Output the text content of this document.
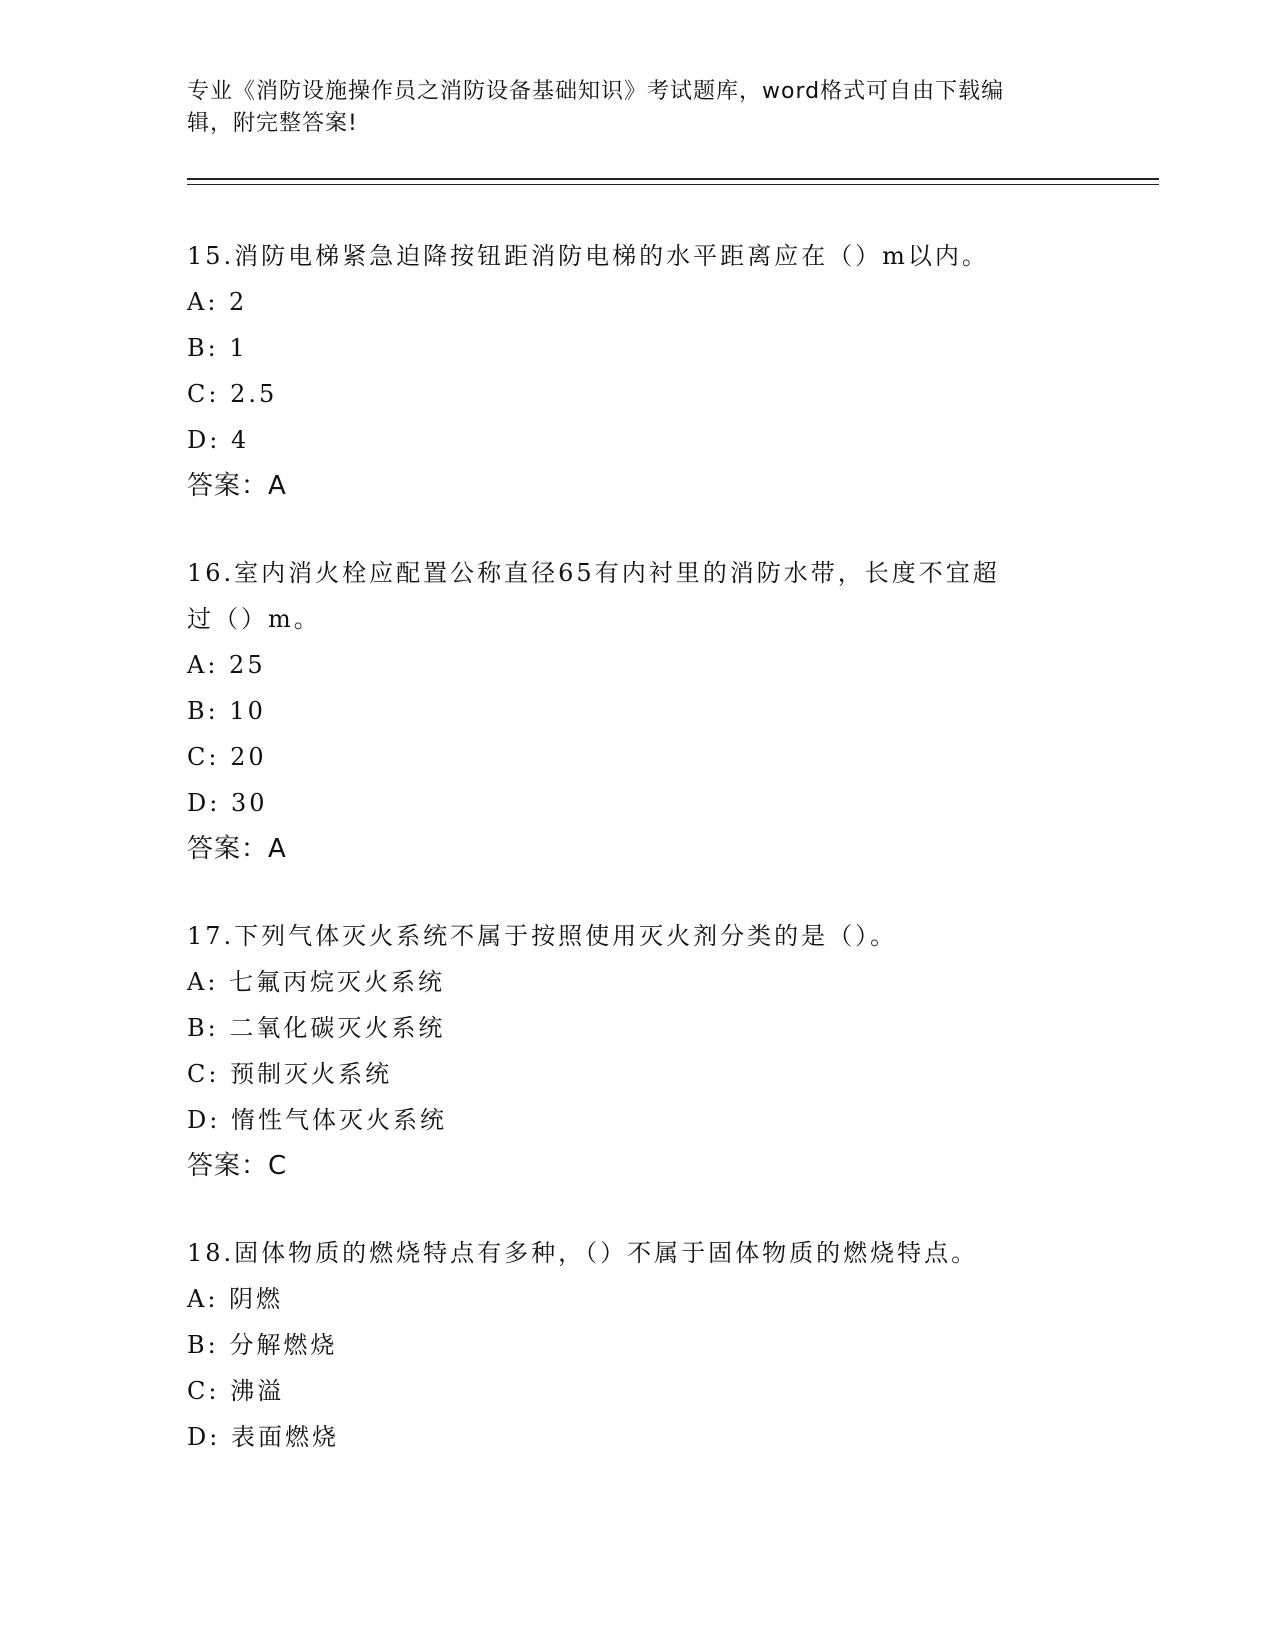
专业《消防设施操作员之消防设备基础知识》考试题库，word格式可自由下载编
辑，附完整答案!
15.消防电梯紧急迫降按钮距消防电梯的水平距离应在（）m以内。
A: 2
B: 1
C: 2.5
D: 4
答案：A
16.室内消火栓应配置公称直径65有内衬里的消防水带，长度不宜超
过（）m。
A: 25
B: 10
C: 20
D: 30
答案：A
17.下列气体灭火系统不属于按照使用灭火剂分类的是（）。
A: 七氟丙烷灭火系统
B: 二氧化碳灭火系统
C: 预制灭火系统
D: 惰性气体灭火系统
答案：C
18.固体物质的燃烧特点有多种，（）不属于固体物质的燃烧特点。
A: 阴燃
B: 分解燃烧
C: 沸溢
D: 表面燃烧
